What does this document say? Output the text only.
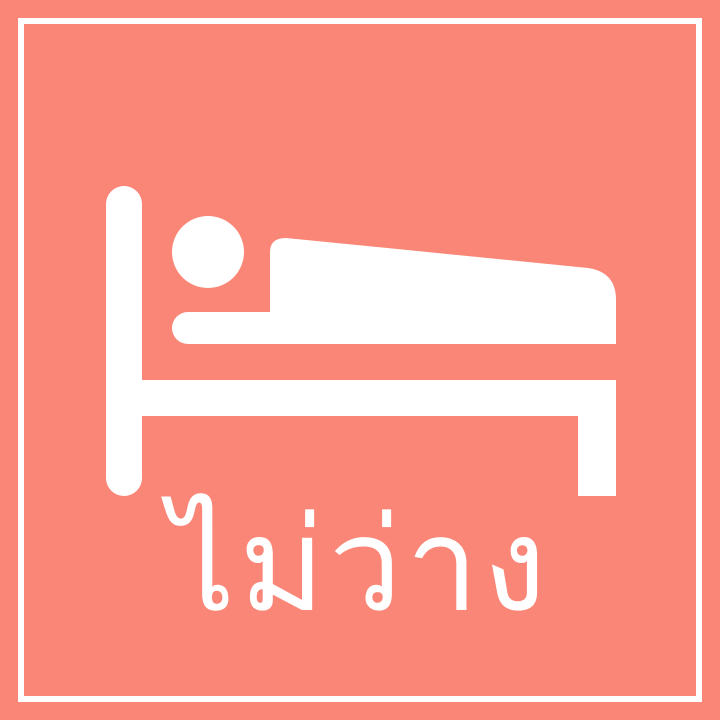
ไม่ว่าง
